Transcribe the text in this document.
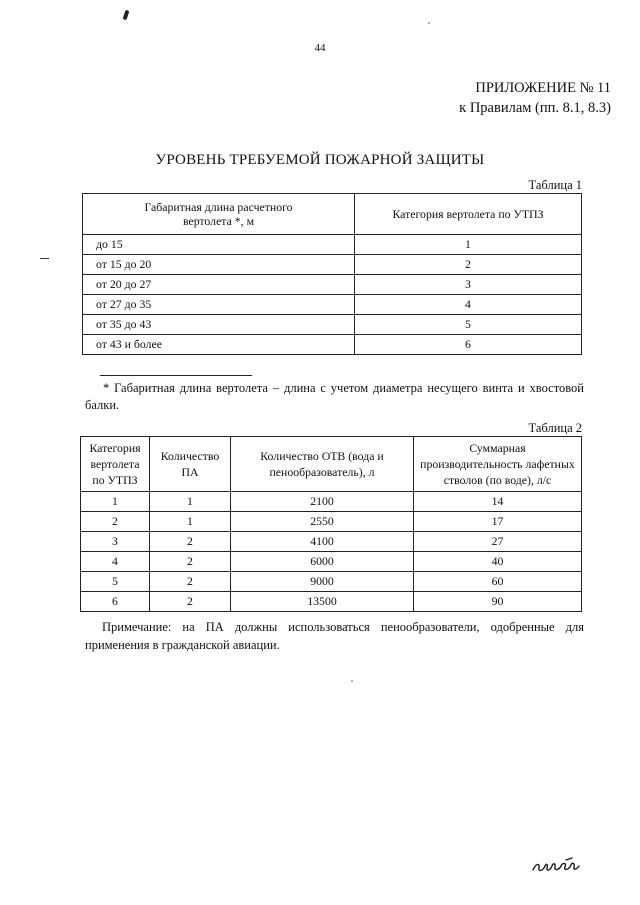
44
ПРИЛОЖЕНИЕ № 11
к Правилам (пп. 8.1, 8.3)
УРОВЕНЬ ТРЕБУЕМОЙ ПОЖАРНОЙ ЗАЩИТЫ
Таблица 1
Габаритная длина расчетного вертолета *, м	Категория вертолета по УТПЗ
до 15	1
от 15 до 20	2
от 20 до 27	3
от 27 до 35	4
от 35 до 43	5
от 43 и более	6
* Габаритная длина вертолета – длина с учетом диаметра несущего винта и хвостовой балки.
Таблица 2
Категория вертолета по УТПЗ	Количество ПА	Количество ОТВ (вода и пенообразователь), л	Суммарная производительность лафетных стволов (по воде), л/с
1	1	2100	14
2	1	2550	17
3	2	4100	27
4	2	6000	40
5	2	9000	60
6	2	13500	90
Примечание: на ПА должны использоваться пенообразователи, одобренные для применения в гражданской авиации.
